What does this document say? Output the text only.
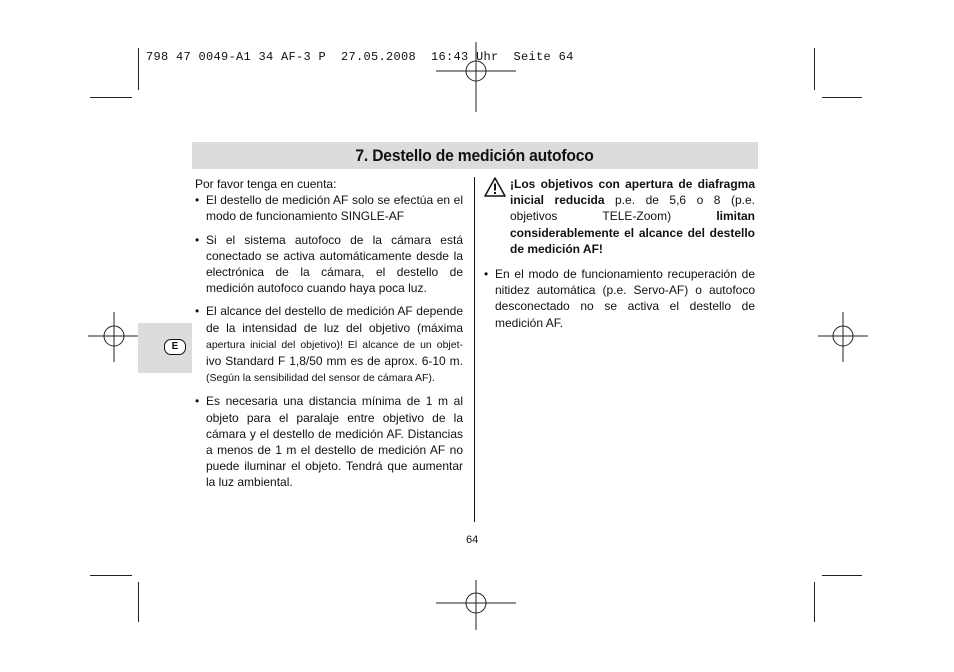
798 47 0049-A1 34 AF-3 P  27.05.2008  16:43 Uhr  Seite 64
7. Destello de medición autofoco
E

Por favor tenga en cuenta:

• El destello de medición AF solo se efectúa en el modo de funcionamiento SINGLE-AF
• Si el sistema autofoco de la cámara está conectado se activa automáticamente desde la electrónica de la cámara, el destello de medición autofoco cuando haya poca luz.
• El alcance del destello de medición AF depende de la intensidad de luz del objetivo (máxima apertura inicial del objetivo)! El alcance de un objet- ivo Standard F 1,8/50 mm es de aprox. 6-10 m. (Según la sensibilidad del sensor de cámara AF).
• Es necesaria una distancia mínima de 1 m al objeto para el paralaje entre objetivo de la cámara y el destello de medición AF. Distancias a menos de 1 m el destello de medición AF no puede iluminar el objeto. Tendrá que aumentar la luz ambiental.
¡Los objetivos con apertura de diafragma inicial reducida p.e. de 5,6 o 8 (p.e. objetivos TELE-Zoom) limitan considerablemente el alcance del destello de medición AF!
• En el modo de funcionamiento recuperación de nitidez automática (p.e. Servo-AF) o autofoco desconectado no se activa el destello de medición AF.
64
